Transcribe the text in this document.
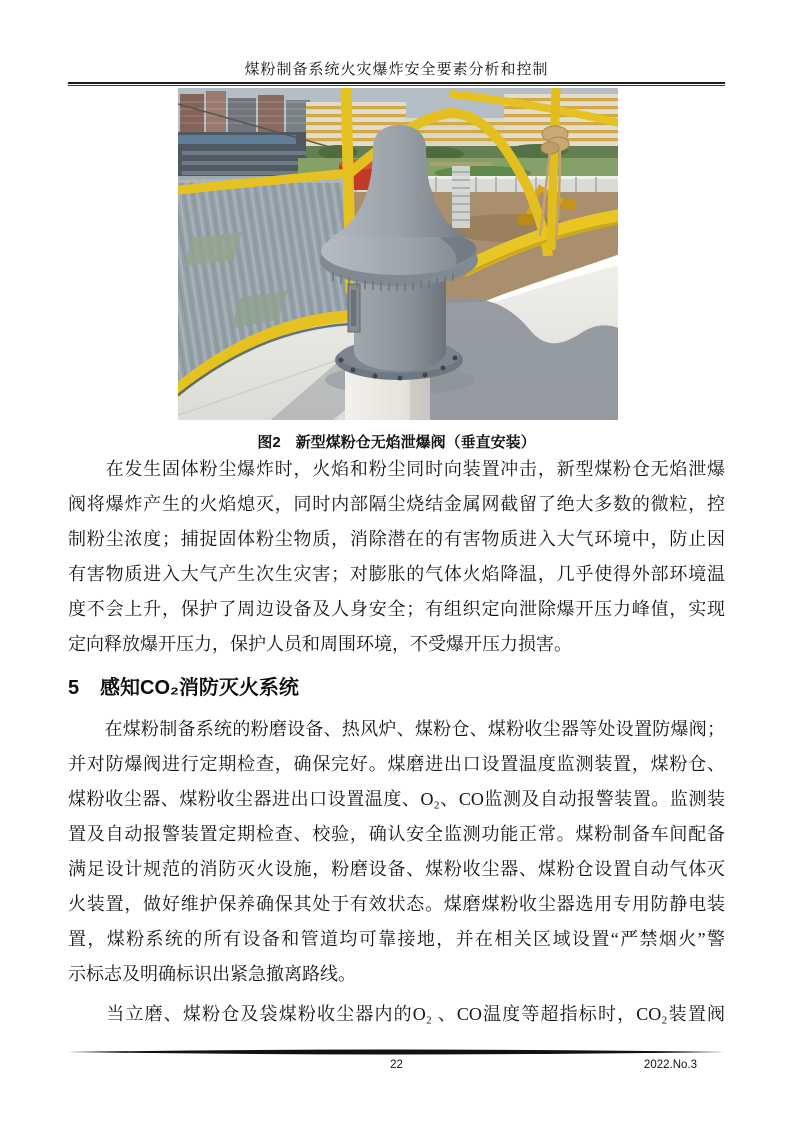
煤粉制备系统火灾爆炸安全要素分析和控制
图2　新型煤粉仓无焰泄爆阀（垂直安装）
　　在发生固体粉尘爆炸时，火焰和粉尘同时向装置冲击，新型煤粉仓无焰泄爆
阀将爆炸产生的火焰熄灭，同时内部隔尘烧结金属网截留了绝大多数的微粒，控
制粉尘浓度；捕捉固体粉尘物质，消除潜在的有害物质进入大气环境中，防止因
有害物质进入大气产生次生灾害；对膨胀的气体火焰降温，几乎使得外部环境温
度不会上升，保护了周边设备及人身安全；有组织定向泄除爆开压力峰值，实现
定向释放爆开压力，保护人员和周围环境，不受爆开压力损害。
5 感知CO₂消防灭火系统
　　在煤粉制备系统的粉磨设备、热风炉、煤粉仓、煤粉收尘器等处设置防爆阀；
并对防爆阀进行定期检查，确保完好。煤磨进出口设置温度监测装置，煤粉仓、
煤粉收尘器、煤粉收尘器进出口设置温度、O₂、CO监测及自动报警装置。监测装
置及自动报警装置定期检查、校验，确认安全监测功能正常。煤粉制备车间配备
满足设计规范的消防灭火设施，粉磨设备、煤粉收尘器、煤粉仓设置自动气体灭
火装置，做好维护保养确保其处于有效状态。煤磨煤粉收尘器选用专用防静电装
置，煤粉系统的所有设备和管道均可靠接地，并在相关区域设置“严禁烟火”警
示标志及明确标识出紧急撤离路线。
　　当立磨、煤粉仓及袋煤粉收尘器内的O₂ 、CO温度等超指标时，CO₂装置阀
22	2022.No.3
